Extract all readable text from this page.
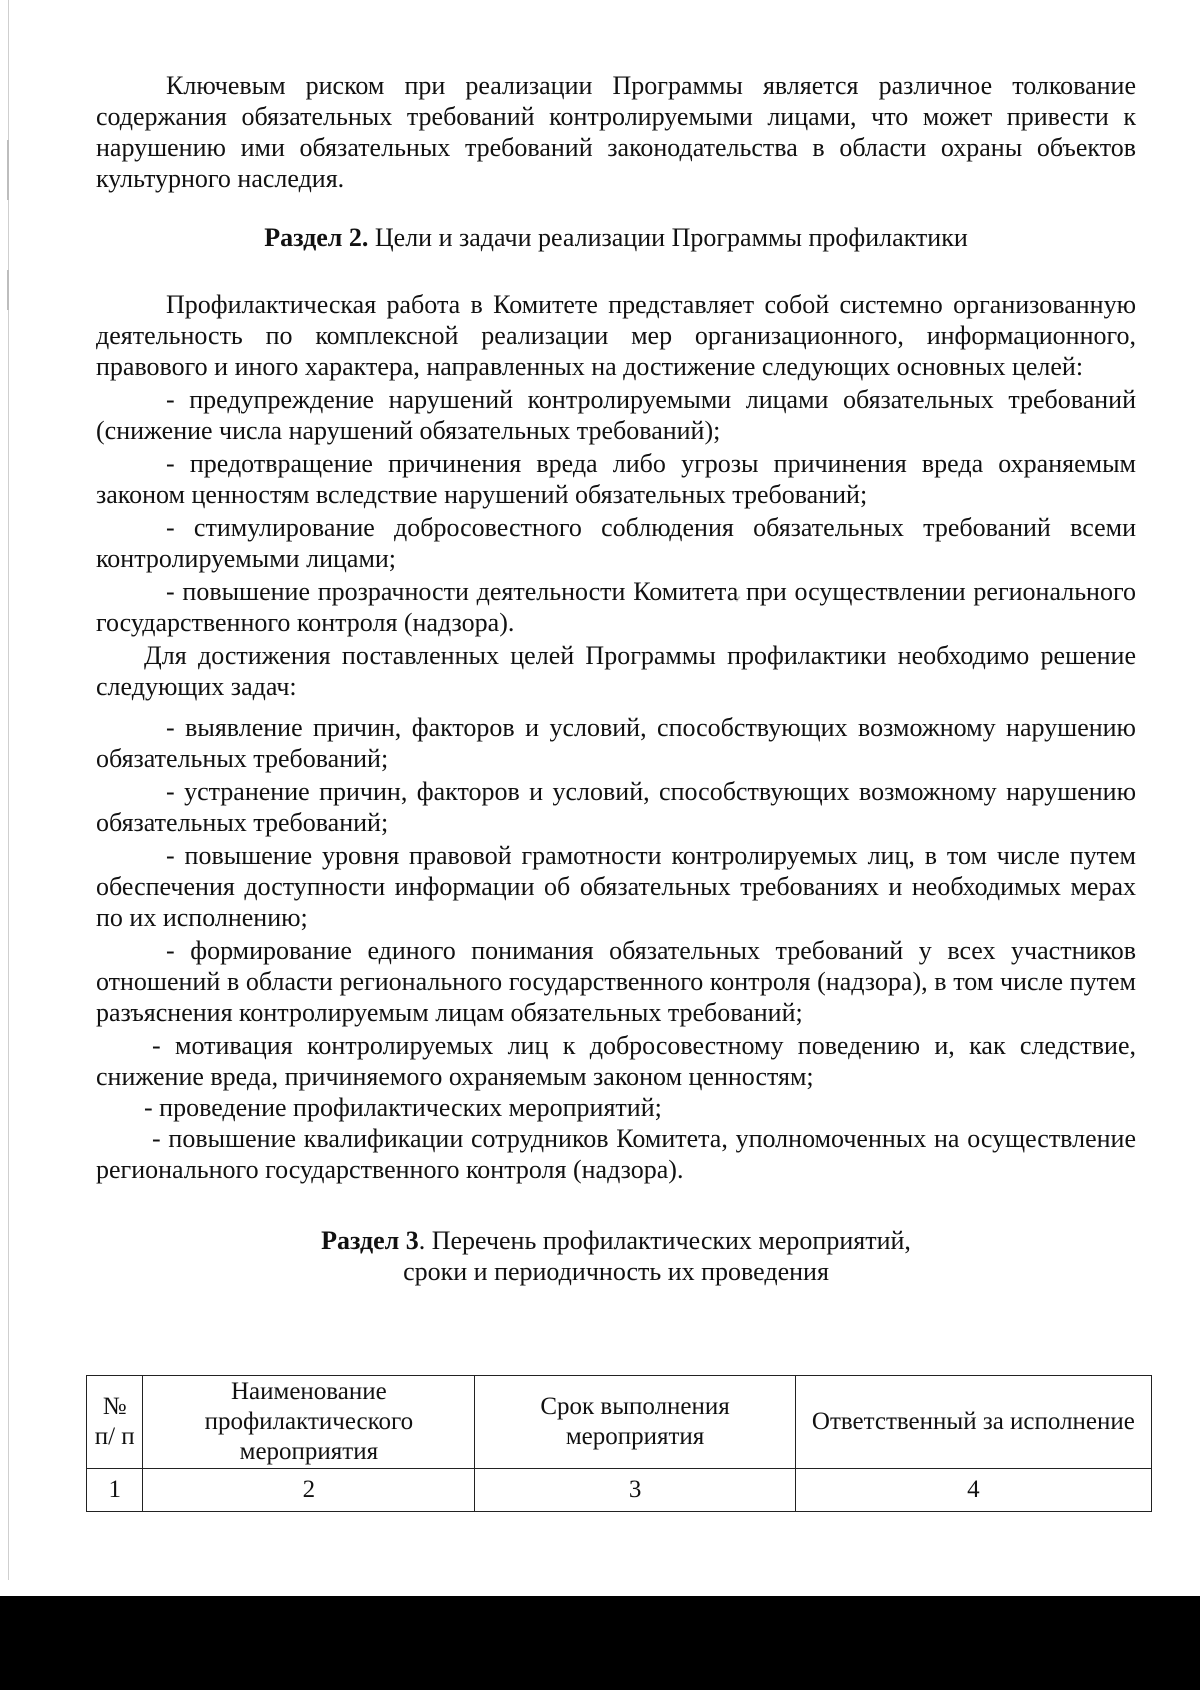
Ключевым риском при реализации Программы является различное толкование содержания обязательных требований контролируемыми лицами, что может привести к нарушению ими обязательных требований законодательства в области охраны объектов культурного наследия.

Раздел 2. Цели и задачи реализации Программы профилактики

Профилактическая работа в Комитете представляет собой системно организованную деятельность по комплексной реализации мер организационного, информационного, правового и иного характера, направленных на достижение следующих основных целей:

- предупреждение нарушений контролируемыми лицами обязательных требований (снижение числа нарушений обязательных требований);

- предотвращение причинения вреда либо угрозы причинения вреда охраняемым законом ценностям вследствие нарушений обязательных требований;

- стимулирование добросовестного соблюдения обязательных требований всеми контролируемыми лицами;

- повышение прозрачности деятельности Комитета при осуществлении регионального государственного контроля (надзора).

Для достижения поставленных целей Программы профилактики необходимо решение следующих задач:

- выявление причин, факторов и условий, способствующих возможному нарушению обязательных требований;

- устранение причин, факторов и условий, способствующих возможному нарушению обязательных требований;

- повышение уровня правовой грамотности контролируемых лиц, в том числе путем обеспечения доступности информации об обязательных требованиях и необходимых мерах по их исполнению;

- формирование единого понимания обязательных требований у всех участников отношений в области регионального государственного контроля (надзора), в том числе путем разъяснения контролируемым лицам обязательных требований;

- мотивация контролируемых лиц к добросовестному поведению и, как следствие, снижение вреда, причиняемого охраняемым законом ценностям;

- проведение профилактических мероприятий;

- повышение квалификации сотрудников Комитета, уполномоченных на осуществление регионального государственного контроля (надзора).

Раздел 3. Перечень профилактических мероприятий,

сроки и периодичность их проведения

№ п/ п	Наименование профилактического мероприятия	Срок выполнения мероприятия	Ответственный за исполнение
1	2	3	4
